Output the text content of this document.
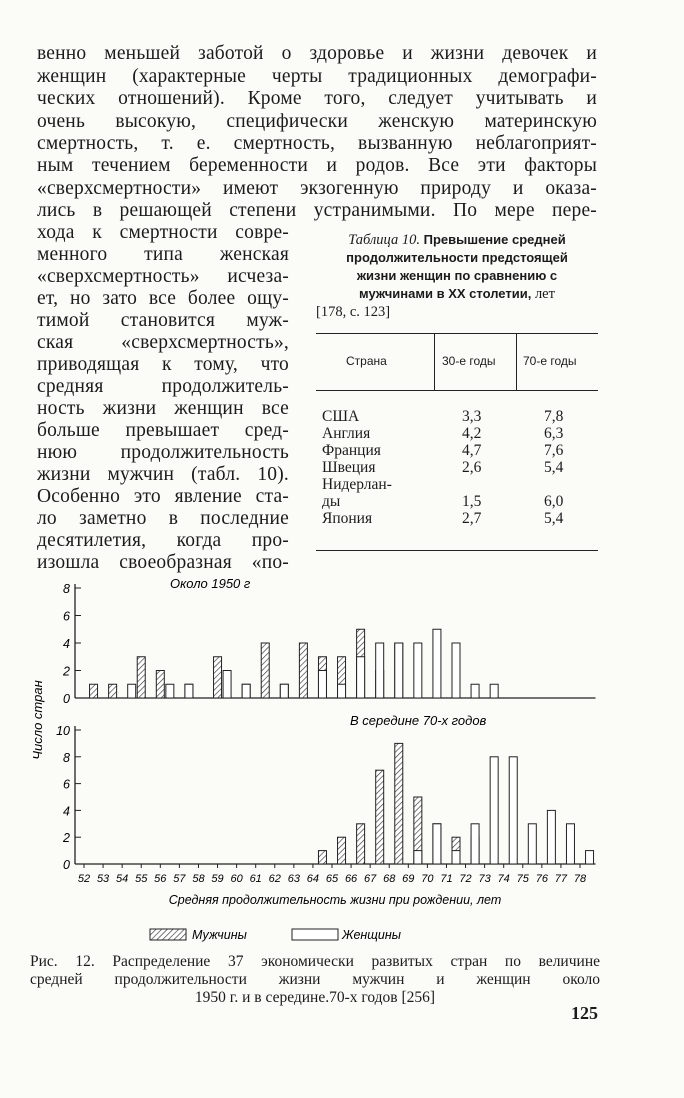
венно меньшей заботой о здоровье и жизни девочек и
женщин (характерные черты традиционных демографи-
ческих отношений). Кроме того, следует учитывать и
очень высокую, специфически женскую материнскую
смертность, т. е. смертность, вызванную неблагоприят-
ным течением беременности и родов. Все эти факторы
«сверхсмертности» имеют экзогенную природу и оказа-
лись в решающей степени устранимыми. По мере пере-
хода к смертности совре-
менного типа женская
«сверхсмертность» исчеза-
ет, но зато все более ощу-
тимой становится муж-
ская «сверхсмертность»,
приводящая к тому, что
средняя продолжитель-
ность жизни женщин все
больше превышает сред-
нюю продолжительность
жизни мужчин (табл. 10).
Особенно это явление ста-
ло заметно в последние
десятилетия, когда про-
изошла своеобразная «по-
Таблица 10. Превышение средней
продолжительности предстоящей
жизни женщин по сравнению с
мужчинами в XX столетии, лет
[178, с. 123]
Страна	30-е годы 70-е годы
США	3,3	7,8
Англия	4,2	6,3
Франция	4,7	7,6
Швеция	2,6	5,4
Нидерлан-
ды	1,5	6,0
Япония	2,7	5,4
0
2
4
6
8	Около 1950 г
0
2
4
6
8
10
В середине 70-х годов
52 53 54 55 56 57 58 59 60 61 62 63 64 65 66 67 68 69 70 71 72 73 74 75 76 77 78
Число стран
Средняя продолжительность жизни при рождении, лет
Мужчины	Женщины
Рис. 12. Распределение 37 экономически развитых стран по величине
средней продолжительности жизни мужчин и женщин около
1950 г. и в середине.70-х годов [256]
125
